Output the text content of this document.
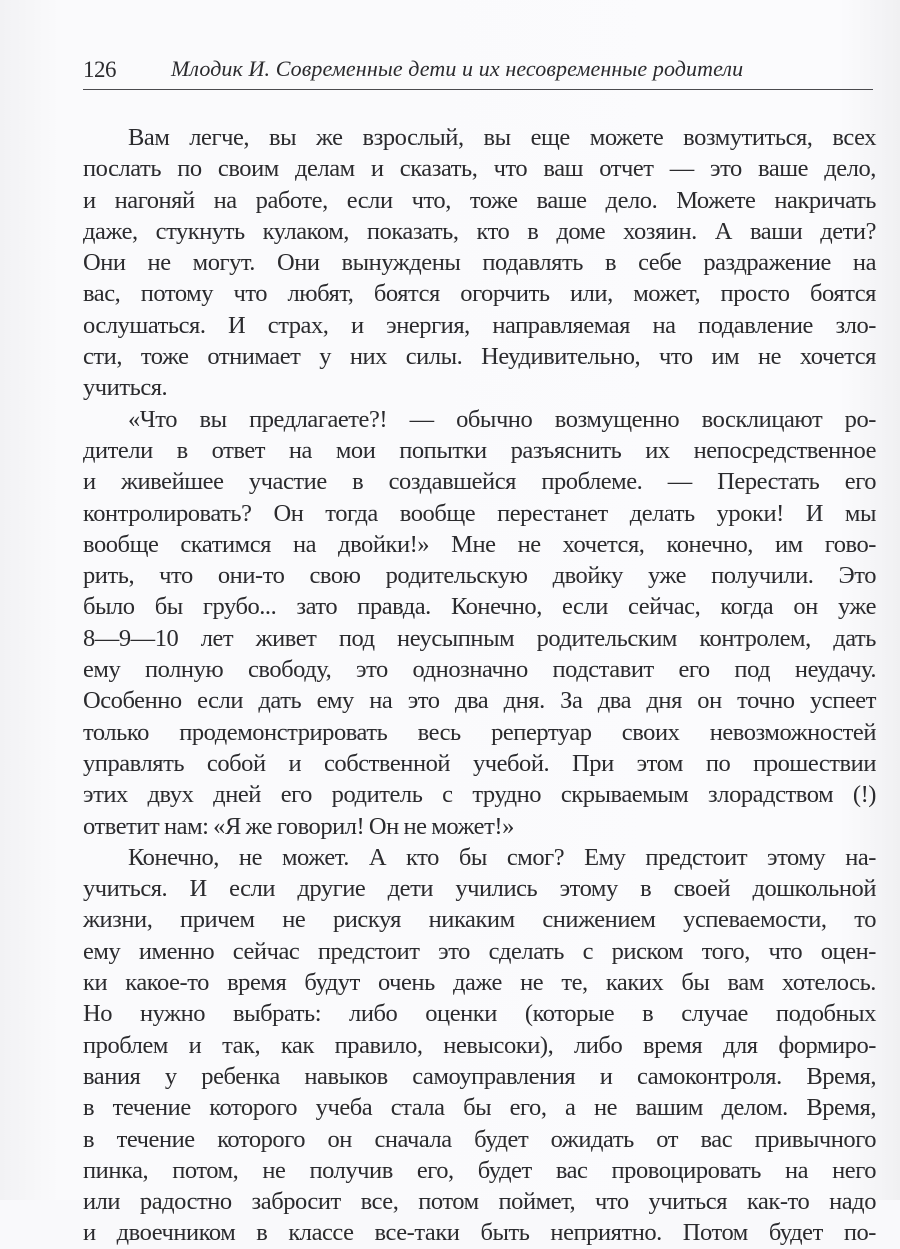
126	Млодик И. Современные дети и их несовременные родители
Вам легче, вы же взрослый, вы еще можете возмутиться, всех
послать по своим делам и сказать, что ваш отчет — это ваше дело,
и нагоняй на работе, если что, тоже ваше дело. Можете накричать
даже, стукнуть кулаком, показать, кто в доме хозяин. А ваши дети?
Они не могут. Они вынуждены подавлять в себе раздражение на
вас, потому что любят, боятся огорчить или, может, просто боятся
ослушаться. И страх, и энергия, направляемая на подавление зло-
сти, тоже отнимает у них силы. Неудивительно, что им не хочется
учиться.
«Что вы предлагаете?! — обычно возмущенно восклицают ро-
дители в ответ на мои попытки разъяснить их непосредственное
и живейшее участие в создавшейся проблеме. — Перестать его
контролировать? Он тогда вообще перестанет делать уроки! И мы
вообще скатимся на двойки!» Мне не хочется, конечно, им гово-
рить, что они-то свою родительскую двойку уже получили. Это
было бы грубо... зато правда. Конечно, если сейчас, когда он уже
8—9—10 лет живет под неусыпным родительским контролем, дать
ему полную свободу, это однозначно подставит его под неудачу.
Особенно если дать ему на это два дня. За два дня он точно успеет
только продемонстрировать весь репертуар своих невозможностей
управлять собой и собственной учебой. При этом по прошествии
этих двух дней его родитель с трудно скрываемым злорадством (!)
ответит нам: «Я же говорил! Он не может!»
Конечно, не может. А кто бы смог? Ему предстоит этому на-
учиться. И если другие дети учились этому в своей дошкольной
жизни, причем не рискуя никаким снижением успеваемости, то
ему именно сейчас предстоит это сделать с риском того, что оцен-
ки какое-то время будут очень даже не те, каких бы вам хотелось.
Но нужно выбрать: либо оценки (которые в случае подобных
проблем и так, как правило, невысоки), либо время для формиро-
вания у ребенка навыков самоуправления и самоконтроля. Время,
в течение которого учеба стала бы его, а не вашим делом. Время,
в течение которого он сначала будет ожидать от вас привычного
пинка, потом, не получив его, будет вас провоцировать на него
или радостно забросит все, потом поймет, что учиться как-то надо
и двоечником в классе все-таки быть неприятно. Потом будет по-
